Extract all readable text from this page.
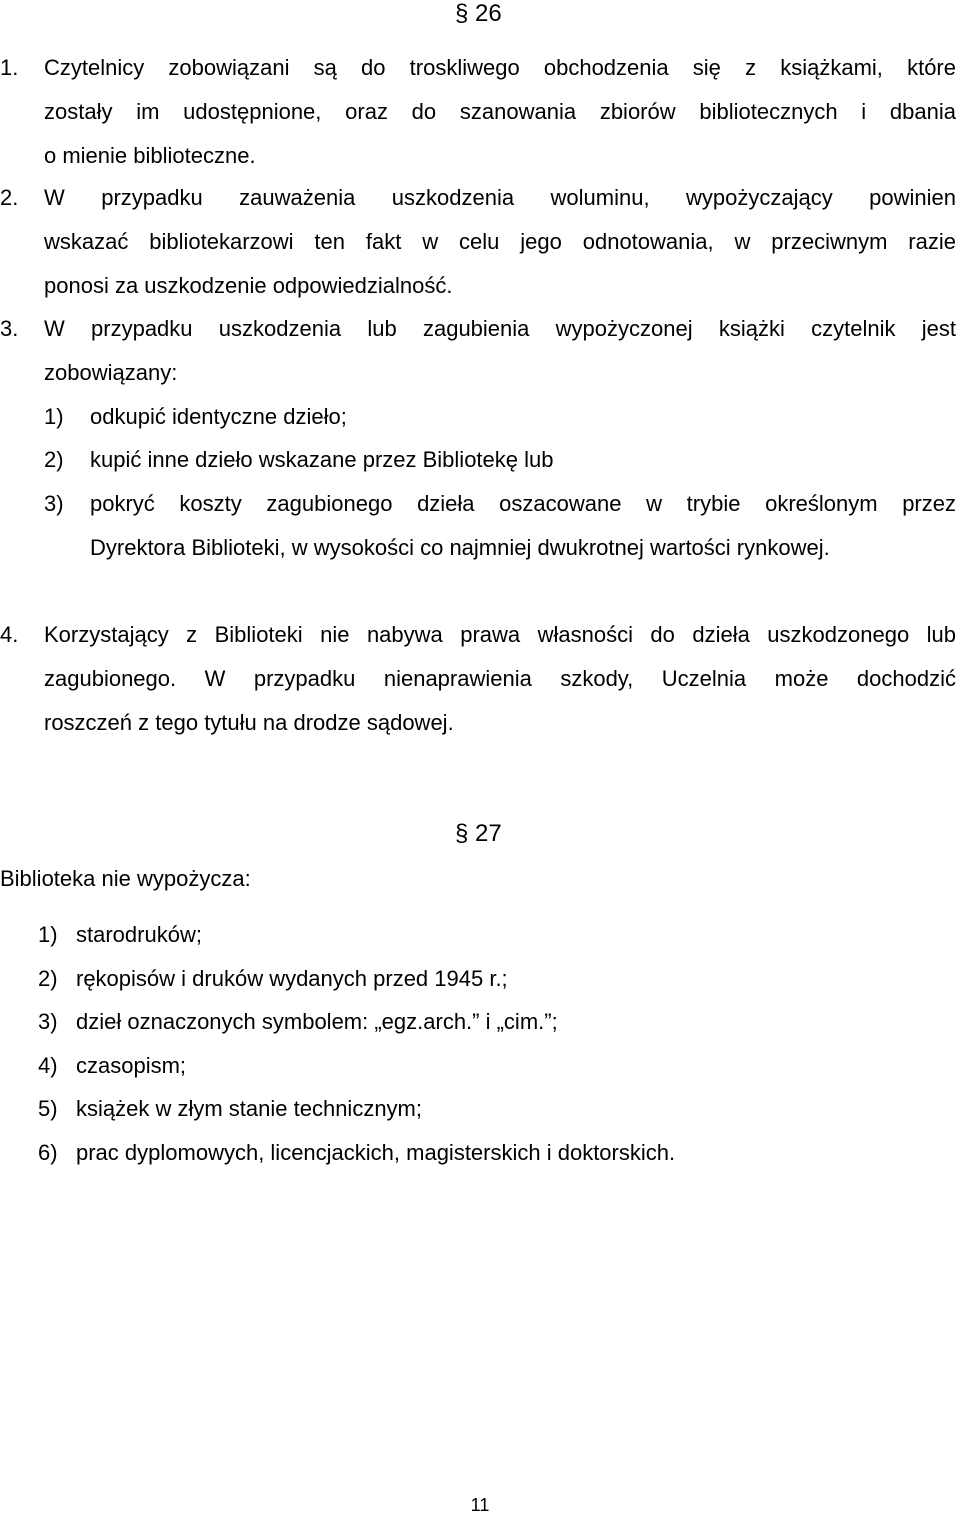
§ 26
1.	Czytelnicy zobowiązani są do troskliwego obchodzenia się z książkami, które
zostały im udostępnione, oraz do szanowania zbiorów bibliotecznych i dbania
o mienie biblioteczne.
2.	W przypadku zauważenia uszkodzenia woluminu, wypożyczający powinien
wskazać bibliotekarzowi ten fakt w celu jego odnotowania, w przeciwnym razie
ponosi za uszkodzenie odpowiedzialność.
3.	W przypadku uszkodzenia lub zagubienia wypożyczonej książki czytelnik jest
zobowiązany:
1) odkupić identyczne dzieło;
2) kupić inne dzieło wskazane przez Bibliotekę lub
3) pokryć koszty zagubionego dzieła oszacowane w trybie określonym przez
Dyrektora Biblioteki, w wysokości co najmniej dwukrotnej wartości rynkowej.
4.	Korzystający z Biblioteki nie nabywa prawa własności do dzieła uszkodzonego lub
zagubionego. W przypadku nienaprawienia szkody, Uczelnia może dochodzić
roszczeń z tego tytułu na drodze sądowej.
§ 27
Biblioteka nie wypożycza:
1) starodruków;
2) rękopisów i druków wydanych przed 1945 r.;
3) dzieł oznaczonych symbolem: „egz.arch.” i „cim.”;
4) czasopism;
5) książek w złym stanie technicznym;
6) prac dyplomowych, licencjackich, magisterskich i doktorskich.
11
